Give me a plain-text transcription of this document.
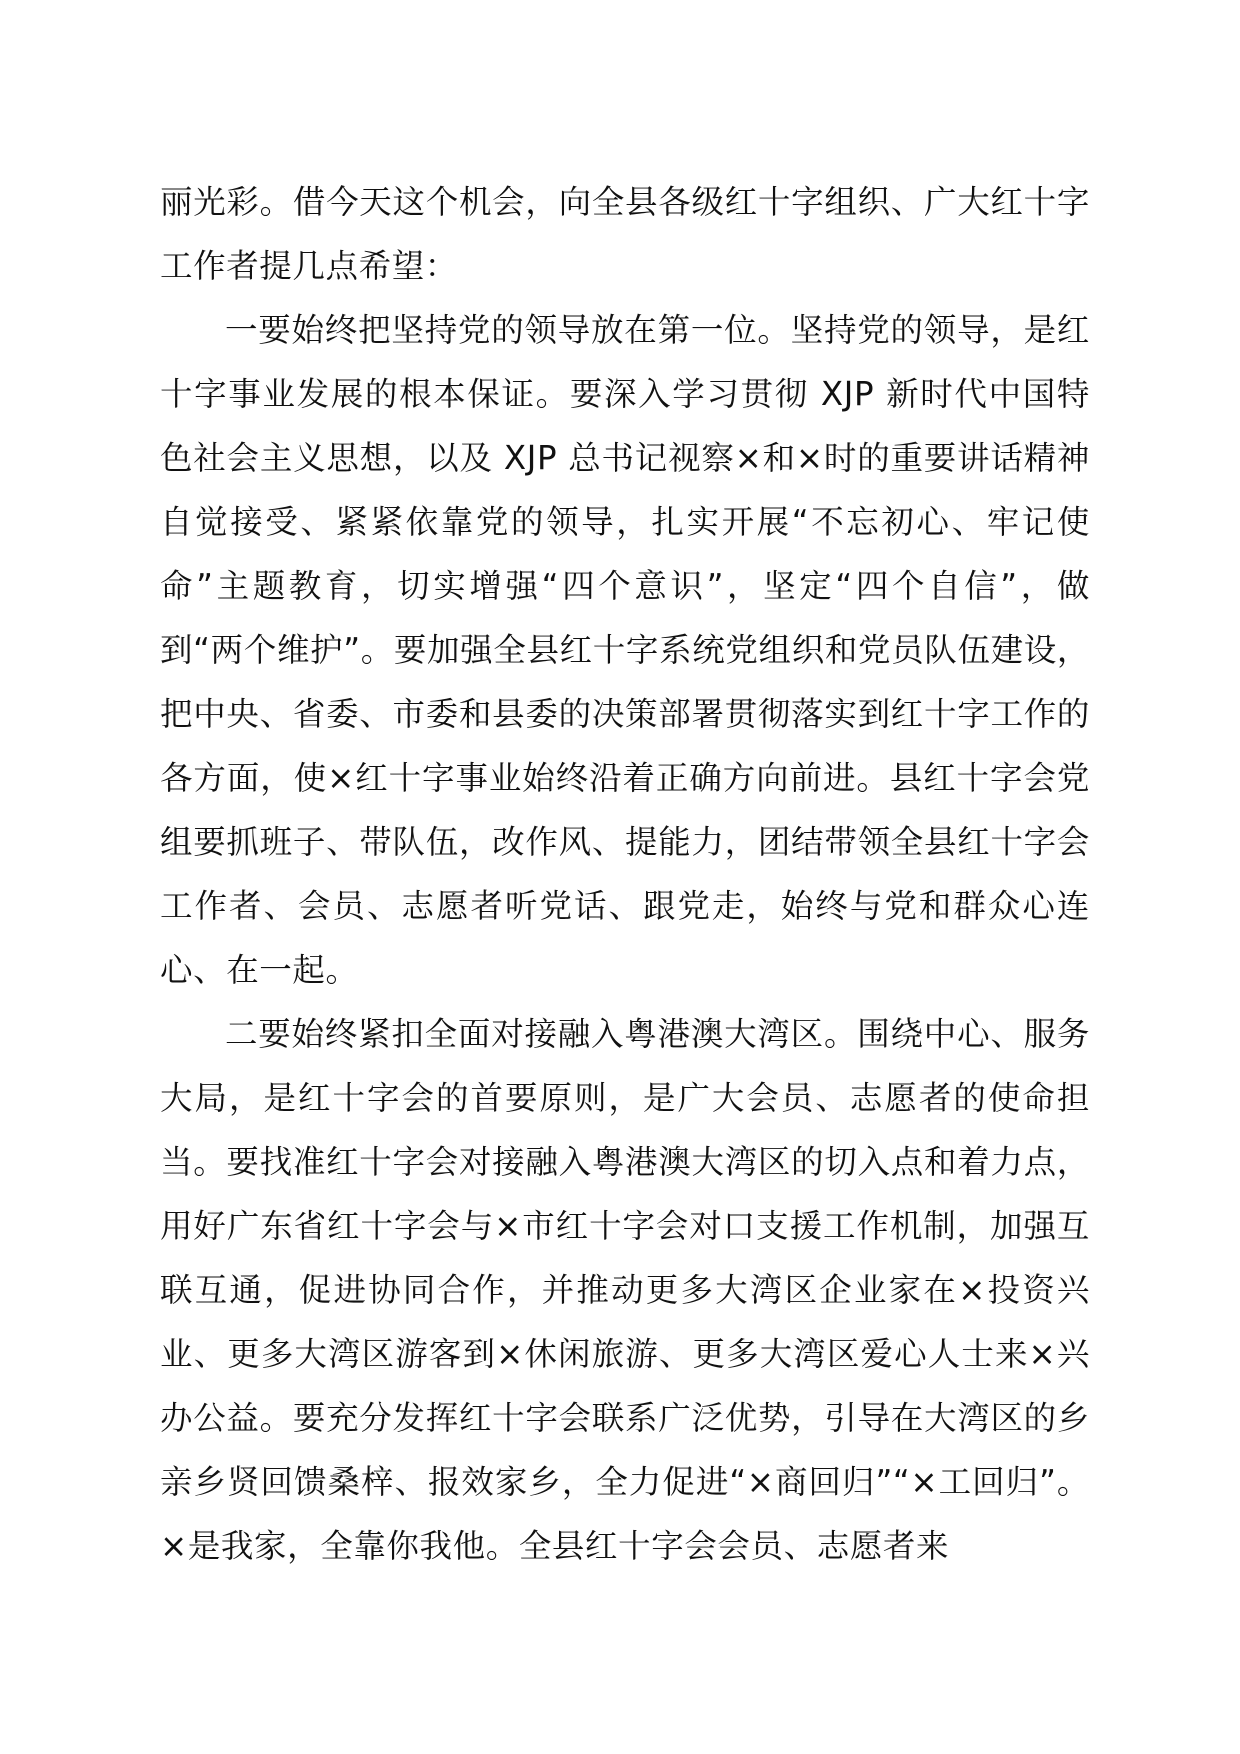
丽光彩。借今天这个机会，向全县各级红十字组织、广大红十字工作者提几点希望：

一要始终把坚持党的领导放在第一位。坚持党的领导，是红十字事业发展的根本保证。要深入学习贯彻 XJP 新时代中国特色社会主义思想，以及 XJP 总书记视察×和×时的重要讲话精神自觉接受、紧紧依靠党的领导，扎实开展“不忘初心、牢记使命”主题教育，切实增强“四个意识”，坚定“四个自信”，做到“两个维护”。要加强全县红十字系统党组织和党员队伍建设，把中央、省委、市委和县委的决策部署贯彻落实到红十字工作的各方面，使×红十字事业始终沿着正确方向前进。县红十字会党组要抓班子、带队伍，改作风、提能力，团结带领全县红十字会工作者、会员、志愿者听党话、跟党走，始终与党和群众心连心、在一起。

二要始终紧扣全面对接融入粤港澳大湾区。围绕中心、服务大局，是红十字会的首要原则，是广大会员、志愿者的使命担当。要找准红十字会对接融入粤港澳大湾区的切入点和着力点，用好广东省红十字会与×市红十字会对口支援工作机制，加强互联互通，促进协同合作，并推动更多大湾区企业家在×投资兴业、更多大湾区游客到×休闲旅游、更多大湾区爱心人士来×兴办公益。要充分发挥红十字会联系广泛优势，引导在大湾区的乡亲乡贤回馈桑梓、报效家乡，全力促进“×商回归”“×工回归”。×是我家，全靠你我他。全县红十字会会员、志愿者来
